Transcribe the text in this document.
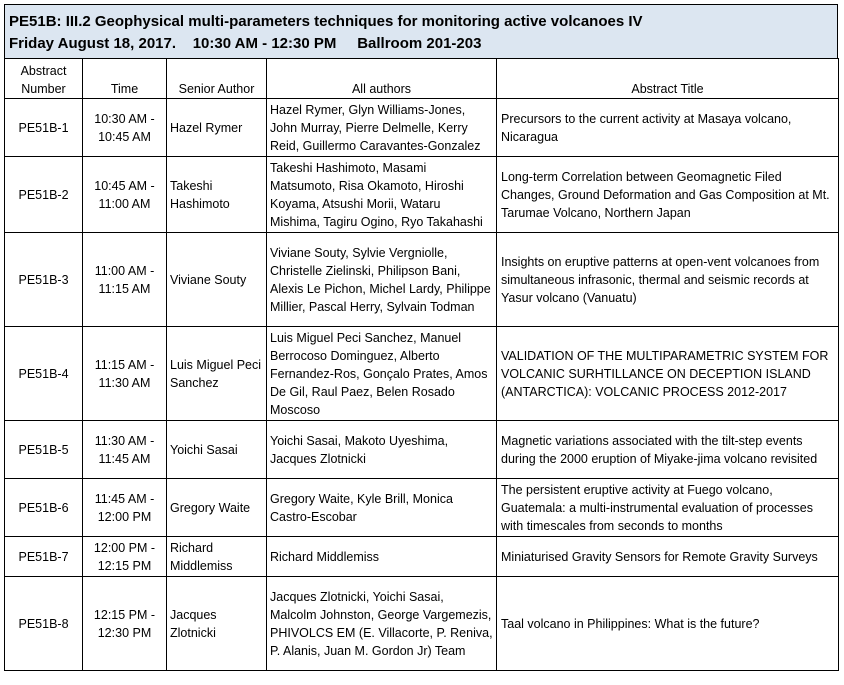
PE51B: III.2 Geophysical multi-parameters techniques for monitoring active volcanoes IV
Friday August 18, 2017. 10:30 AM - 12:30 PM Ballroom 201-203
Abstract Number	Time	Senior Author	All authors	Abstract Title
PE51B-1	10:30 AM - 10:45 AM	Hazel Rymer	Hazel Rymer, Glyn Williams-Jones, John Murray, Pierre Delmelle, Kerry Reid, Guillermo Caravantes-Gonzalez	Precursors to the current activity at Masaya volcano, Nicaragua
PE51B-2	10:45 AM - 11:00 AM	Takeshi Hashimoto	Takeshi Hashimoto, Masami Matsumoto, Risa Okamoto, Hiroshi Koyama, Atsushi Morii, Wataru Mishima, Tagiru Ogino, Ryo Takahashi	Long-term Correlation between Geomagnetic Filed Changes, Ground Deformation and Gas Composition at Mt. Tarumae Volcano, Northern Japan
PE51B-3	11:00 AM - 11:15 AM	Viviane Souty	Viviane Souty, Sylvie Vergniolle, Christelle Zielinski, Philipson Bani, Alexis Le Pichon, Michel Lardy, Philippe Millier, Pascal Herry, Sylvain Todman	Insights on eruptive patterns at open-vent volcanoes from simultaneous infrasonic, thermal and seismic records at Yasur volcano (Vanuatu)
PE51B-4	11:15 AM - 11:30 AM	Luis Miguel Peci Sanchez	Luis Miguel Peci Sanchez, Manuel Berrocoso Dominguez, Alberto Fernandez-Ros, Gonçalo Prates, Amos De Gil, Raul Paez, Belen Rosado Moscoso	VALIDATION OF THE MULTIPARAMETRIC SYSTEM FOR VOLCANIC SURHTILLANCE ON DECEPTION ISLAND (ANTARCTICA): VOLCANIC PROCESS 2012-2017
PE51B-5	11:30 AM - 11:45 AM	Yoichi Sasai	Yoichi Sasai, Makoto Uyeshima, Jacques Zlotnicki	Magnetic variations associated with the tilt-step events during the 2000 eruption of Miyake-jima volcano revisited
PE51B-6	11:45 AM - 12:00 PM	Gregory Waite	Gregory Waite, Kyle Brill, Monica Castro-Escobar	The persistent eruptive activity at Fuego volcano, Guatemala: a multi-instrumental evaluation of processes with timescales from seconds to months
PE51B-7	12:00 PM - 12:15 PM	Richard Middlemiss	Richard Middlemiss	Miniaturised Gravity Sensors for Remote Gravity Surveys
PE51B-8	12:15 PM - 12:30 PM	Jacques Zlotnicki	Jacques Zlotnicki, Yoichi Sasai, Malcolm Johnston, George Vargemezis, PHIVOLCS EM (E. Villacorte, P. Reniva, P. Alanis, Juan M. Gordon Jr) Team	Taal volcano in Philippines: What is the future?
